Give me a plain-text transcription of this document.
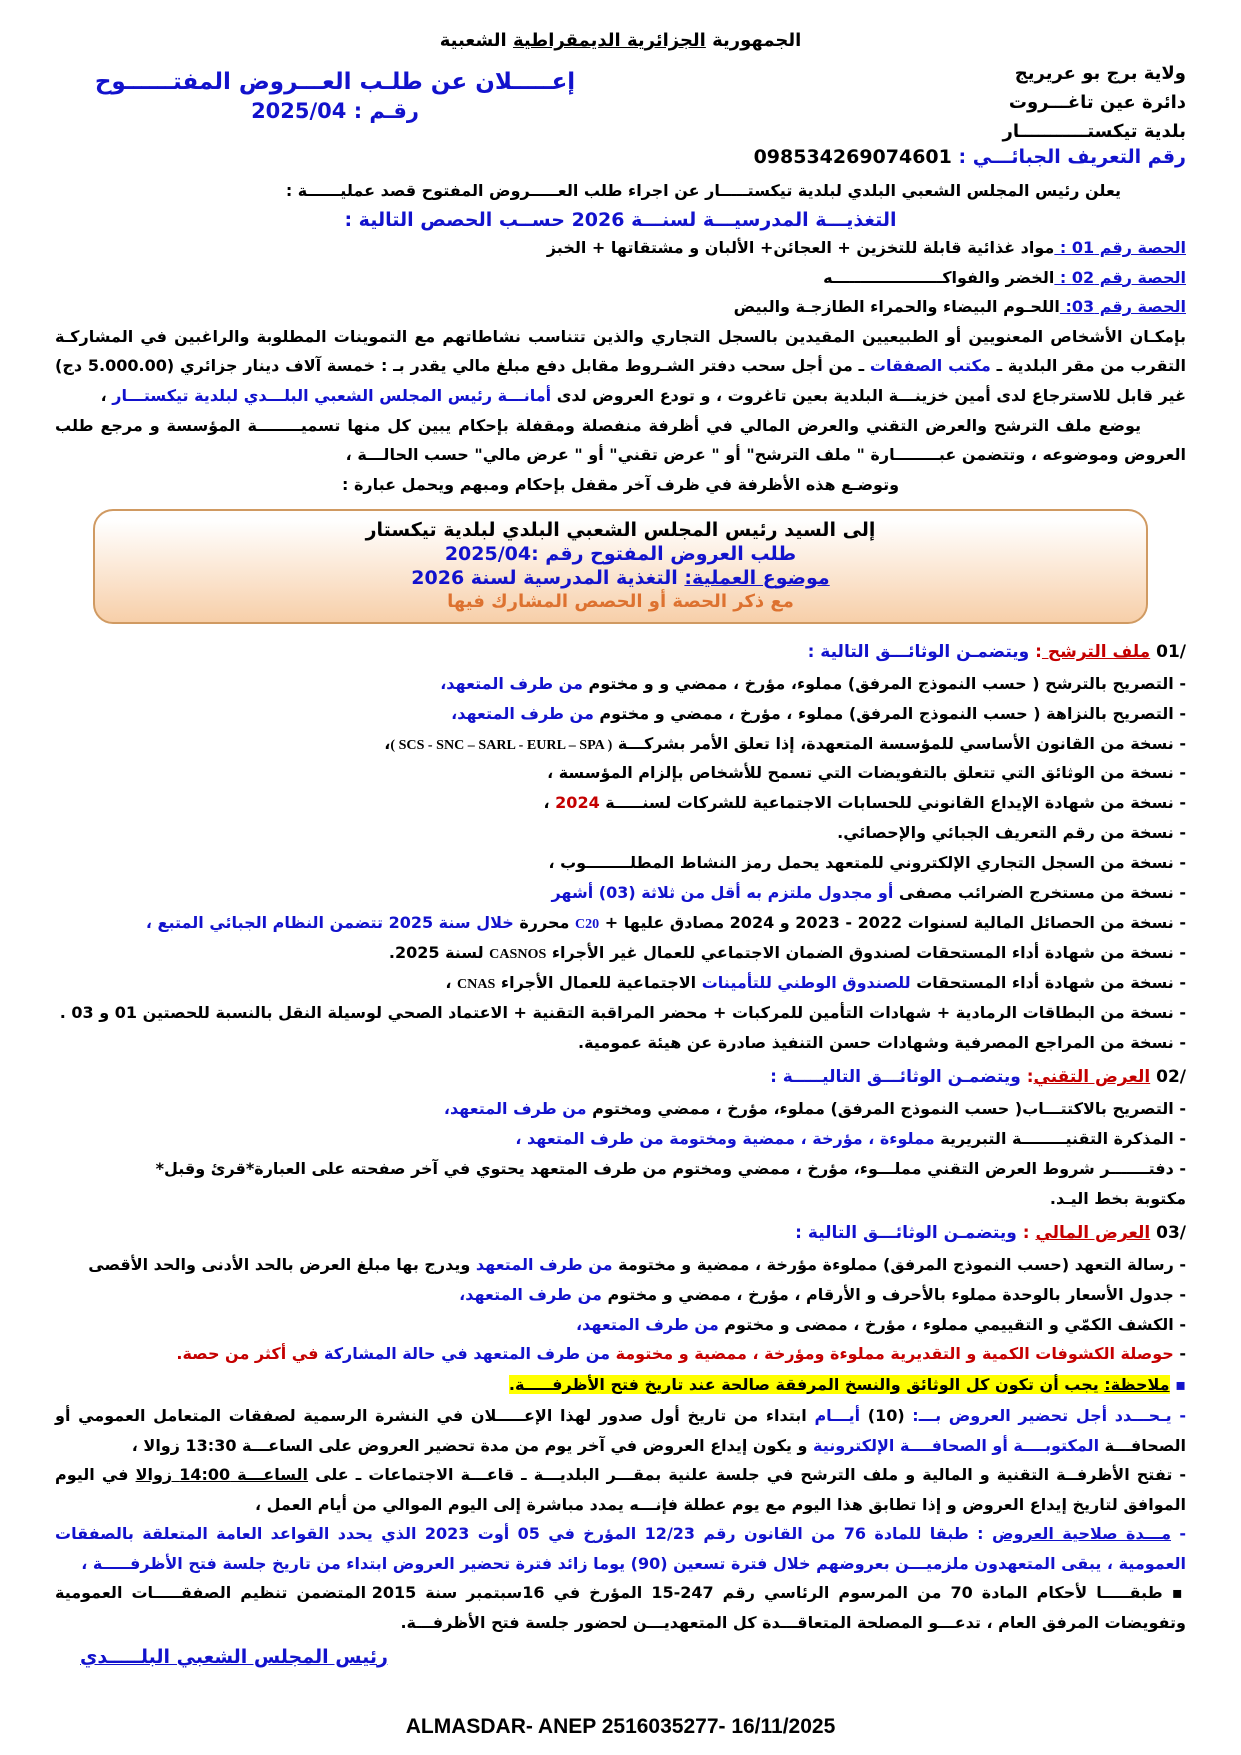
الجمهورية الجزائرية الديمقراطية الشعبية
ولاية برج بو عريريج
دائرة عين تاغـــروت
بلدية تيكستـــــــــــار
إعـــــلان عن طلـب العـــروض المفتــــــوح
رقـم : 2025/04
رقم التعريف الجبائـــي : 098534269074601
يعلن رئيس المجلس الشعبي البلدي لبلدية تيكستـــــار عن اجراء طلب العـــــروض المفتوح قصد عمليــــــة :
التغذيـــة المدرسيـــة لسنـــة 2026 حســب الحصص التالية :
الحصة رقم 01 : مواد غذائية قابلة للتخزين + العجائن+ الألبان و مشتقاتها + الخبز
الحصة رقم 02 : الخضر والفواكــــــــــــــــــــه
الحصة رقم 03: اللحـوم البيضاء والحمراء الطازجـة والبيض

بإمكـان الأشخاص المعنويين أو الطبيعيين المقيدين بالسجل التجاري والذين تتناسب نشاطاتهم مع التموينات المطلوبة والراغبين في المشاركـة التقرب من مقر البلدية ـ مكتب الصفقات ـ من أجل سحب دفتر الشـروط مقابل دفع مبلغ مالي يقدر بـ : خمسة آلاف دينار جزائري (5.000.00 دج) غير قابل للاسترجاع لدى أمين خزينـــة البلدية بعين تاغروت ، و تودع العروض لدى أمانـــة رئيس المجلس الشعبي البلـــدي لبلدية تيكستـــار ،

يوضع ملف الترشح والعرض التقني والعرض المالي في أظرفة منفصلة ومقفلة بإحكام يبين كل منها تسميــــــــة المؤسسة و مرجع طلب العروض وموضوعه ، وتتضمن عبــــــــارة " ملف الترشح" أو " عرض تقني" أو " عرض مالي" حسب الحالـــة ،

وتوضـع هذه الأظرفة في ظرف آخر مقفل بإحكام ومبهم ويحمل عبارة :
إلى السيد رئيس المجلس الشعبي البلدي لبلدية تيكستار
طلب العروض المفتوح رقم :2025/04
موضوع العملية: التغذية المدرسية لسنة 2026
مع ذكر الحصة أو الحصص المشارك فيها
01/ ملف الترشح : ويتضمـن الوثائـــق التالية :
- التصريح بالترشح ( حسب النموذج المرفق) مملوء، مؤرخ ، ممضي و و مختوم من طرف المتعهد،
- التصريح بالنزاهة ( حسب النموذج المرفق) مملوء ، مؤرخ ، ممضي و مختوم من طرف المتعهد،
- نسخة من القانون الأساسي للمؤسسة المتعهدة، إذا تعلق الأمر بشركـــة ( SCS - SNC – SARL - EURL – SPA )،
- نسخة من الوثائق التي تتعلق بالتفويضات التي تسمح للأشخاص بإلزام المؤسسة ،
- نسخة من شهادة الإيداع القانوني للحسابات الاجتماعية للشركات لسنـــــة 2024 ،
- نسخة من رقم التعريف الجبائي والإحصائي.
- نسخة من السجل التجاري الإلكتروني للمتعهد يحمل رمز النشاط المطلــــــــوب ،
- نسخة من مستخرج الضرائب مصفى أو مجدول ملتزم به أقل من ثلاثة (03) أشهر
- نسخة من الحصائل المالية لسنوات 2022 - 2023 و 2024 مصادق عليها + C20 محررة خلال سنة 2025 تتضمن النظام الجبائي المتبع ،
- نسخة من شهادة أداء المستحقات لصندوق الضمان الاجتماعي للعمال غير الأجراء CASNOS لسنة 2025.
- نسخة من شهادة أداء المستحقات للصندوق الوطني للتأمينات الاجتماعية للعمال الأجراء CNAS ،
- نسخة من البطاقات الرمادية + شهادات التأمين للمركبات + محضر المراقبة التقنية + الاعتماد الصحي لوسيلة النقل بالنسبة للحصتين 01 و 03 .
- نسخة من المراجع المصرفية وشهادات حسن التنفيذ صادرة عن هيئة عمومية.
02/ العرض التقني: ويتضمـن الوثائـــق التاليـــــة :
- التصريح بالاكتتـــاب( حسب النموذج المرفق) مملوء، مؤرخ ، ممضي ومختوم من طرف المتعهد،
- المذكرة التقنيــــــــة التبريرية مملوءة ، مؤرخة ، ممضية ومختومة من طرف المتعهد ،
- دفتـــــــر شروط العرض التقني مملـــوء، مؤرخ ، ممضي ومختوم من طرف المتعهد يحتوي في آخر صفحته على العبارة*قرئ وقبل*
مكتوبة بخط اليـد.
03/ العرض المالي : ويتضمـن الوثائـــق التالية :
- رسالة التعهد (حسب النموذج المرفق) مملوءة مؤرخة ، ممضية و مختومة من طرف المتعهد ويدرج بها مبلغ العرض بالحد الأدنى والحد الأقصى
- جدول الأسعار بالوحدة مملوء بالأحرف و الأرقام ، مؤرخ ، ممضي و مختوم من طرف المتعهد،
- الكشف الكمّي و التقييمي مملوء ، مؤرخ ، ممضى و مختوم من طرف المتعهد،
- حوصلة الكشوفات الكمية و التقديرية مملوءة ومؤرخة ، ممضية و مختومة من طرف المتعهد في حالة المشاركة في أكثر من حصة.
▪ ملاحظة: يجب أن تكون كل الوثائق والنسخ المرفقة صالحة عند تاريخ فتح الأظرفـــــة.

- يـحـــدد أجل تحضير العروض بـــ: (10) أيـــام ابتداء من تاريخ أول صدور لهذا الإعـــــلان في النشرة الرسمية لصفقات المتعامل العمومي أو الصحافـــة المكتوبــــة أو الصحافــــة الإلكترونية و يكون إيداع العروض في آخر يوم من مدة تحضير العروض على الساعـــة 13:30 زوالا ،

- تفتح الأظرفــة التقنية و المالية و ملف الترشح في جلسة علنية بمقـــر البلديـــة ـ قاعـــة الاجتماعات ـ على الساعـــة 14:00 زوالا في اليوم الموافق لتاريخ إيداع العروض و إذا تطابق هذا اليوم مع يوم عطلة فإنـــه يمدد مباشرة إلى اليوم الموالي من أيام العمل ،

- مـــدة صلاحية العروض : طبقا للمادة 76 من القانون رقم 12/23 المؤرخ في 05 أوت 2023 الذي يحدد القواعد العامة المتعلقة بالصفقات العمومية ، يبقى المتعهدون ملزميـــن بعروضهم خلال فترة تسعين (90) يوما زائد فترة تحضير العروض ابتداء من تاريخ جلسة فتح الأظرفـــــة ،

▪ طبقـــــا لأحكام المادة 70 من المرسوم الرئاسي رقم 15-247 المؤرخ في 16سبتمبر سنة 2015 المتضمن تنظيم الصفقـــــات العمومية وتفويضات المرفق العام ، تدعـــو المصلحة المتعاقـــدة كل المتعهديـــن لحضور جلسة فتح الأظرفـــة.

رئيس المجلس الشعبي البلـــــدي
ALMASDAR- ANEP 2516035277- 16/11/2025
